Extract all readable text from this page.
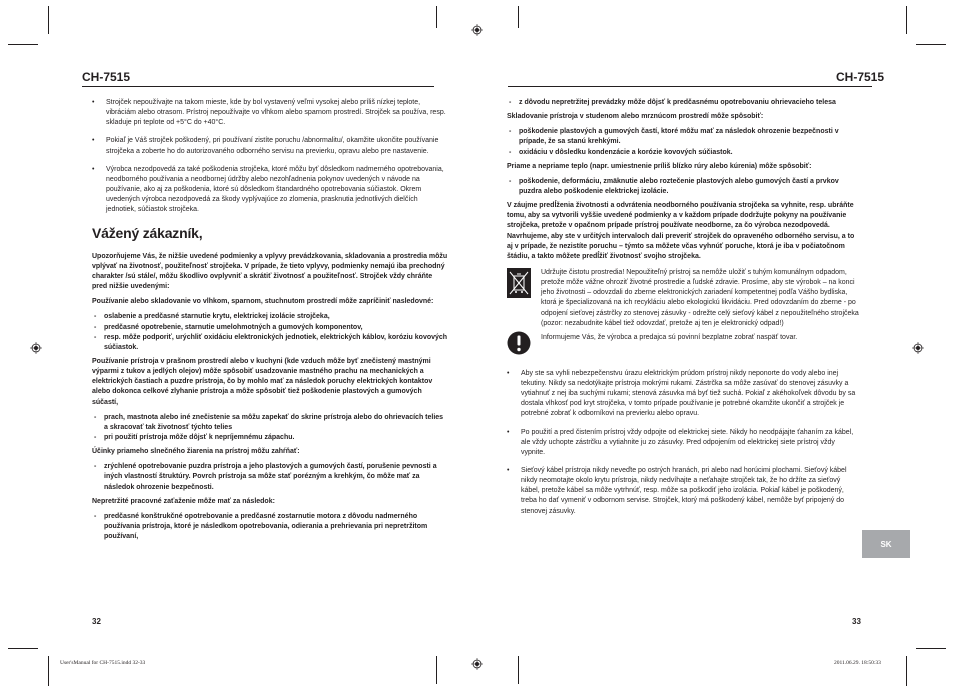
CH-7515	CH-7515
• Strojček nepoužívajte na takom mieste, kde by bol vystavený veľmi vysokej alebo príliš nízkej teplote, vibráciám alebo otrasom. Prístroj nepoužívajte vo vlhkom alebo sparnom prostredí. Strojček sa používa, resp. skladuje pri teplote od +5°C do +40°C.
• Pokiaľ je Váš strojček poškodený, pri používaní zistíte poruchu /abnormalitu/, okamžite ukončite používanie strojčeka a zoberte ho do autorizovaného odborného servisu na previerku, opravu alebo pre nastavenie.
• Výrobca nezodpovedá za také poškodenia strojčeka, ktoré môžu byť dôsledkom nadmerného opotrebovania, neodborného používania a neodbornej údržby alebo nezohľadnenia pokynov uvedených v návode na používanie, ako aj za poškodenia, ktoré sú dôsledkom štandardného opotrebovania súčiastok. Okrem uvedených výrobca nezodpovedá za škody vyplývajúce zo zlomenia, prasknutia jednotlivých dielčích jednotiek, súčiastok strojčeka.
Vážený zákazník,

Upozorňujeme Vás, že nižšie uvedené podmienky a vplyvy prevádzkovania, skladovania a prostredia môžu vplývať na životnosť, použiteľnosť strojčeka. V prípade, že tieto vplyvy, podmienky nemajú iba prechodný charakter /sú stále/, môžu škodlivo ovplyvniť a skrátiť životnosť a použiteľnosť. Strojček vždy chráňte pred nižšie uvedenými:

Používanie alebo skladovanie vo vlhkom, sparnom, stuchnutom prostredí môže zapríčiniť nasledovné:

- oslabenie a predčasné starnutie krytu, elektrickej izolácie strojčeka,
- predčasné opotrebenie, starnutie umelohmotných a gumových komponentov,
- resp. môže podporiť, urýchliť oxidáciu elektronických jednotiek, elektrických káblov, koróziu kovových súčiastok.

Používanie prístroja v prašnom prostredí alebo v kuchyni (kde vzduch môže byť znečistený mastnými výparmi z tukov a jedlých olejov) môže spôsobiť usadzovanie mastného prachu na mechanických a elektrických častiach a puzdre prístroja, čo by mohlo mať za následok poruchy elektrických kontaktov alebo dokonca celkové zlyhanie prístroja a môže spôsobiť tiež poškodenie plastových a gumových súčastí,

- prach, mastnota alebo iné znečistenie sa môžu zapekať do skrine prístroja alebo do ohrievacích telies a skracovať tak životnosť týchto telies
- pri použití prístroja môže dôjsť k nepríjemnému zápachu.

Účinky priameho slnečného žiarenia na prístroj môžu zahŕňať:

- zrýchlené opotrebovanie puzdra prístroja a jeho plastových a gumových častí, porušenie pevnosti a iných vlastností štruktúry. Povrch prístroja sa môže stať porézným a krehkým, čo môže mať za následok ohrozenie bezpečnosti.

Nepretržité pracovné zaťaženie môže mať za následok:

- predčasné konštrukčné opotrebovanie a predčasné zostarnutie motora z dôvodu nadmerného používania prístroja, ktoré je následkom opotrebovania, odierania a prehrievania pri nepretržitom používaní,
32
- z dôvodu nepretržitej prevádzky môže dôjsť k predčasnému opotrebovaniu ohrievacieho telesa

Skladovanie prístroja v studenom alebo mrznúcom prostredí môže spôsobiť:

- poškodenie plastových a gumových častí, ktoré môžu mať za následok ohrozenie bezpečnosti v prípade, že sa stanú krehkými.
- oxidáciu v dôsledku kondenzácie a korózie kovových súčiastok.

Priame a nepriame teplo (napr. umiestnenie príliš blízko rúry alebo kúrenia) môže spôsobiť:

- poškodenie, deformáciu, zmäknutie alebo roztečenie plastových alebo gumových častí a prvkov puzdra alebo poškodenie elektrickej izolácie.

V záujme predĺženia životnosti a odvrátenia neodborného používania strojčeka sa vyhnite, resp. ubráňte tomu, aby sa vytvorili vyššie uvedené podmienky a v každom prípade dodržujte pokyny na používanie strojčeka, pretože v opačnom prípade prístroj používate neodborne, za čo výrobca nezodpovedá. Navrhujeme, aby ste v určitých intervaloch dali preveriť strojček do opraveného odborného servisu, a to aj v prípade, že nezistíte poruchu – týmto sa môžete včas vyhnúť poruche, ktorá je iba v počiatočnom štádiu, a takto môžete predĺžiť životnosť svojho strojčeka.

Udržujte čistotu prostredia! Nepoužiteľný prístroj sa nemôže uložiť s tuhým komunálnym odpadom, pretože môže vážne ohroziť životné prostredie a ľudské zdravie. Prosíme, aby ste výrobok – na konci jeho životnosti – odovzdali do zberne elektronických zariadení kompetentnej podľa Vášho bydliska, ktorá je špecializovaná na ich recykláciu alebo ekologickú likvidáciu. Pred odovzdaním do zberne - po odpojení sieťovej zástrčky zo stenovej zásuvky - odrežte celý sieťový kábel z nepoužiteľného strojčeka (pozor: nezabudnite kábel tiež odovzdať, pretože aj ten je elektronický odpad!)
Informujeme Vás, že výrobca a predajca sú povinní bezplatne zobrať naspäť tovar.
• Aby ste sa vyhli nebezpečenstvu úrazu elektrickým prúdom prístroj nikdy neponorte do vody alebo inej tekutiny. Nikdy sa nedotýkajte prístroja mokrými rukami. Zástrčka sa môže zasúvať do stenovej zásuvky a vytiahnuť z nej iba suchými rukami; stenová zásuvka má byť tiež suchá. Pokiaľ z akéhokoľvek dôvodu by sa dostala vlhkosť pod kryt strojčeka, v tomto prípade používanie je potrebné okamžite ukončiť a strojček je potrebné zobrať k odborníkovi na previerku alebo opravu.
• Po použití a pred čistením prístroj vždy odpojte od elektrickej siete. Nikdy ho neodpájajte ťahaním za kábel, ale vždy uchopte zástrčku a vytiahnite ju zo zásuvky. Pred odpojením od elektrickej siete prístroj vždy vypnite.
• Sieťový kábel prístroja nikdy neveďte po ostrých hranách, pri alebo nad horúcimi plochami. Sieťový kábel nikdy neomotajte okolo krytu prístroja, nikdy nedvíhajte a neťahajte strojček tak, že ho držíte za sieťový kábel, pretože kábel sa môže vytrhnúť, resp. môže sa poškodiť jeho izolácia. Pokiaľ kábel je poškodený, treba ho dať vymeniť v odbornom servise. Strojček, ktorý má poškodený kábel, nemôže byť pripojený do stenovej zásuvky.
33
SK
User'sManual for CH-7515.indd 32-33	2011.06.29. 18:50:33
